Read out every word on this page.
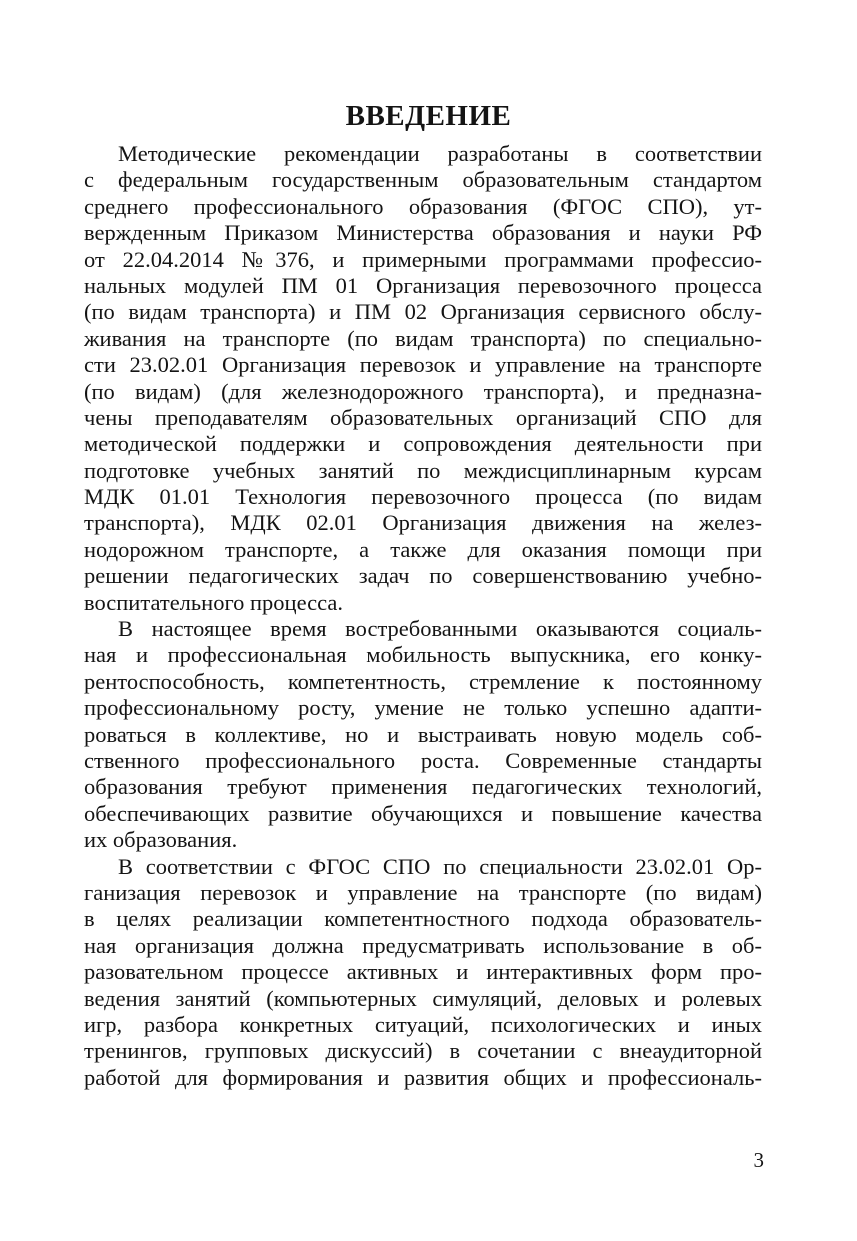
ВВЕДЕНИЕ
Методические рекомендации разработаны в соответствии
с федеральным государственным образовательным стандартом
среднего профессионального образования (ФГОС СПО), ут-
вержденным Приказом Министерства образования и науки РФ
от 22.04.2014 №376, и примерными программами профессио-
нальных модулей ПМ 01 Организация перевозочного процесса
(по видам транспорта) и ПМ 02 Организация сервисного обслу-
живания на транспорте (по видам транспорта) по специально-
сти 23.02.01 Организация перевозок и управление на транспорте
(по видам) (для железнодорожного транспорта), и предназна-
чены преподавателям образовательных организаций СПО для
методической поддержки и сопровождения деятельности при
подготовке учебных занятий по междисциплинарным курсам
МДК 01.01 Технология перевозочного процесса (по видам
транспорта), МДК 02.01 Организация движения на желез-
нодорожном транспорте, а также для оказания помощи при
решении педагогических задач по совершенствованию учебно-
воспитательного процесса.
В настоящее время востребованными оказываются социаль-
ная и профессиональная мобильность выпускника, его конку-
рентоспособность, компетентность, стремление к постоянному
профессиональному росту, умение не только успешно адапти-
роваться в коллективе, но и выстраивать новую модель соб-
ственного профессионального роста. Современные стандарты
образования требуют применения педагогических технологий,
обеспечивающих развитие обучающихся и повышение качества
их образования.
В соответствии с ФГОС СПО по специальности 23.02.01 Ор-
ганизация перевозок и управление на транспорте (по видам)
в целях реализации компетентностного подхода образователь-
ная организация должна предусматривать использование в об-
разовательном процессе активных и интерактивных форм про-
ведения занятий (компьютерных симуляций, деловых и ролевых
игр, разбора конкретных ситуаций, психологических и иных
тренингов, групповых дискуссий) в сочетании с внеаудиторной
работой для формирования и развития общих и профессиональ-
3
